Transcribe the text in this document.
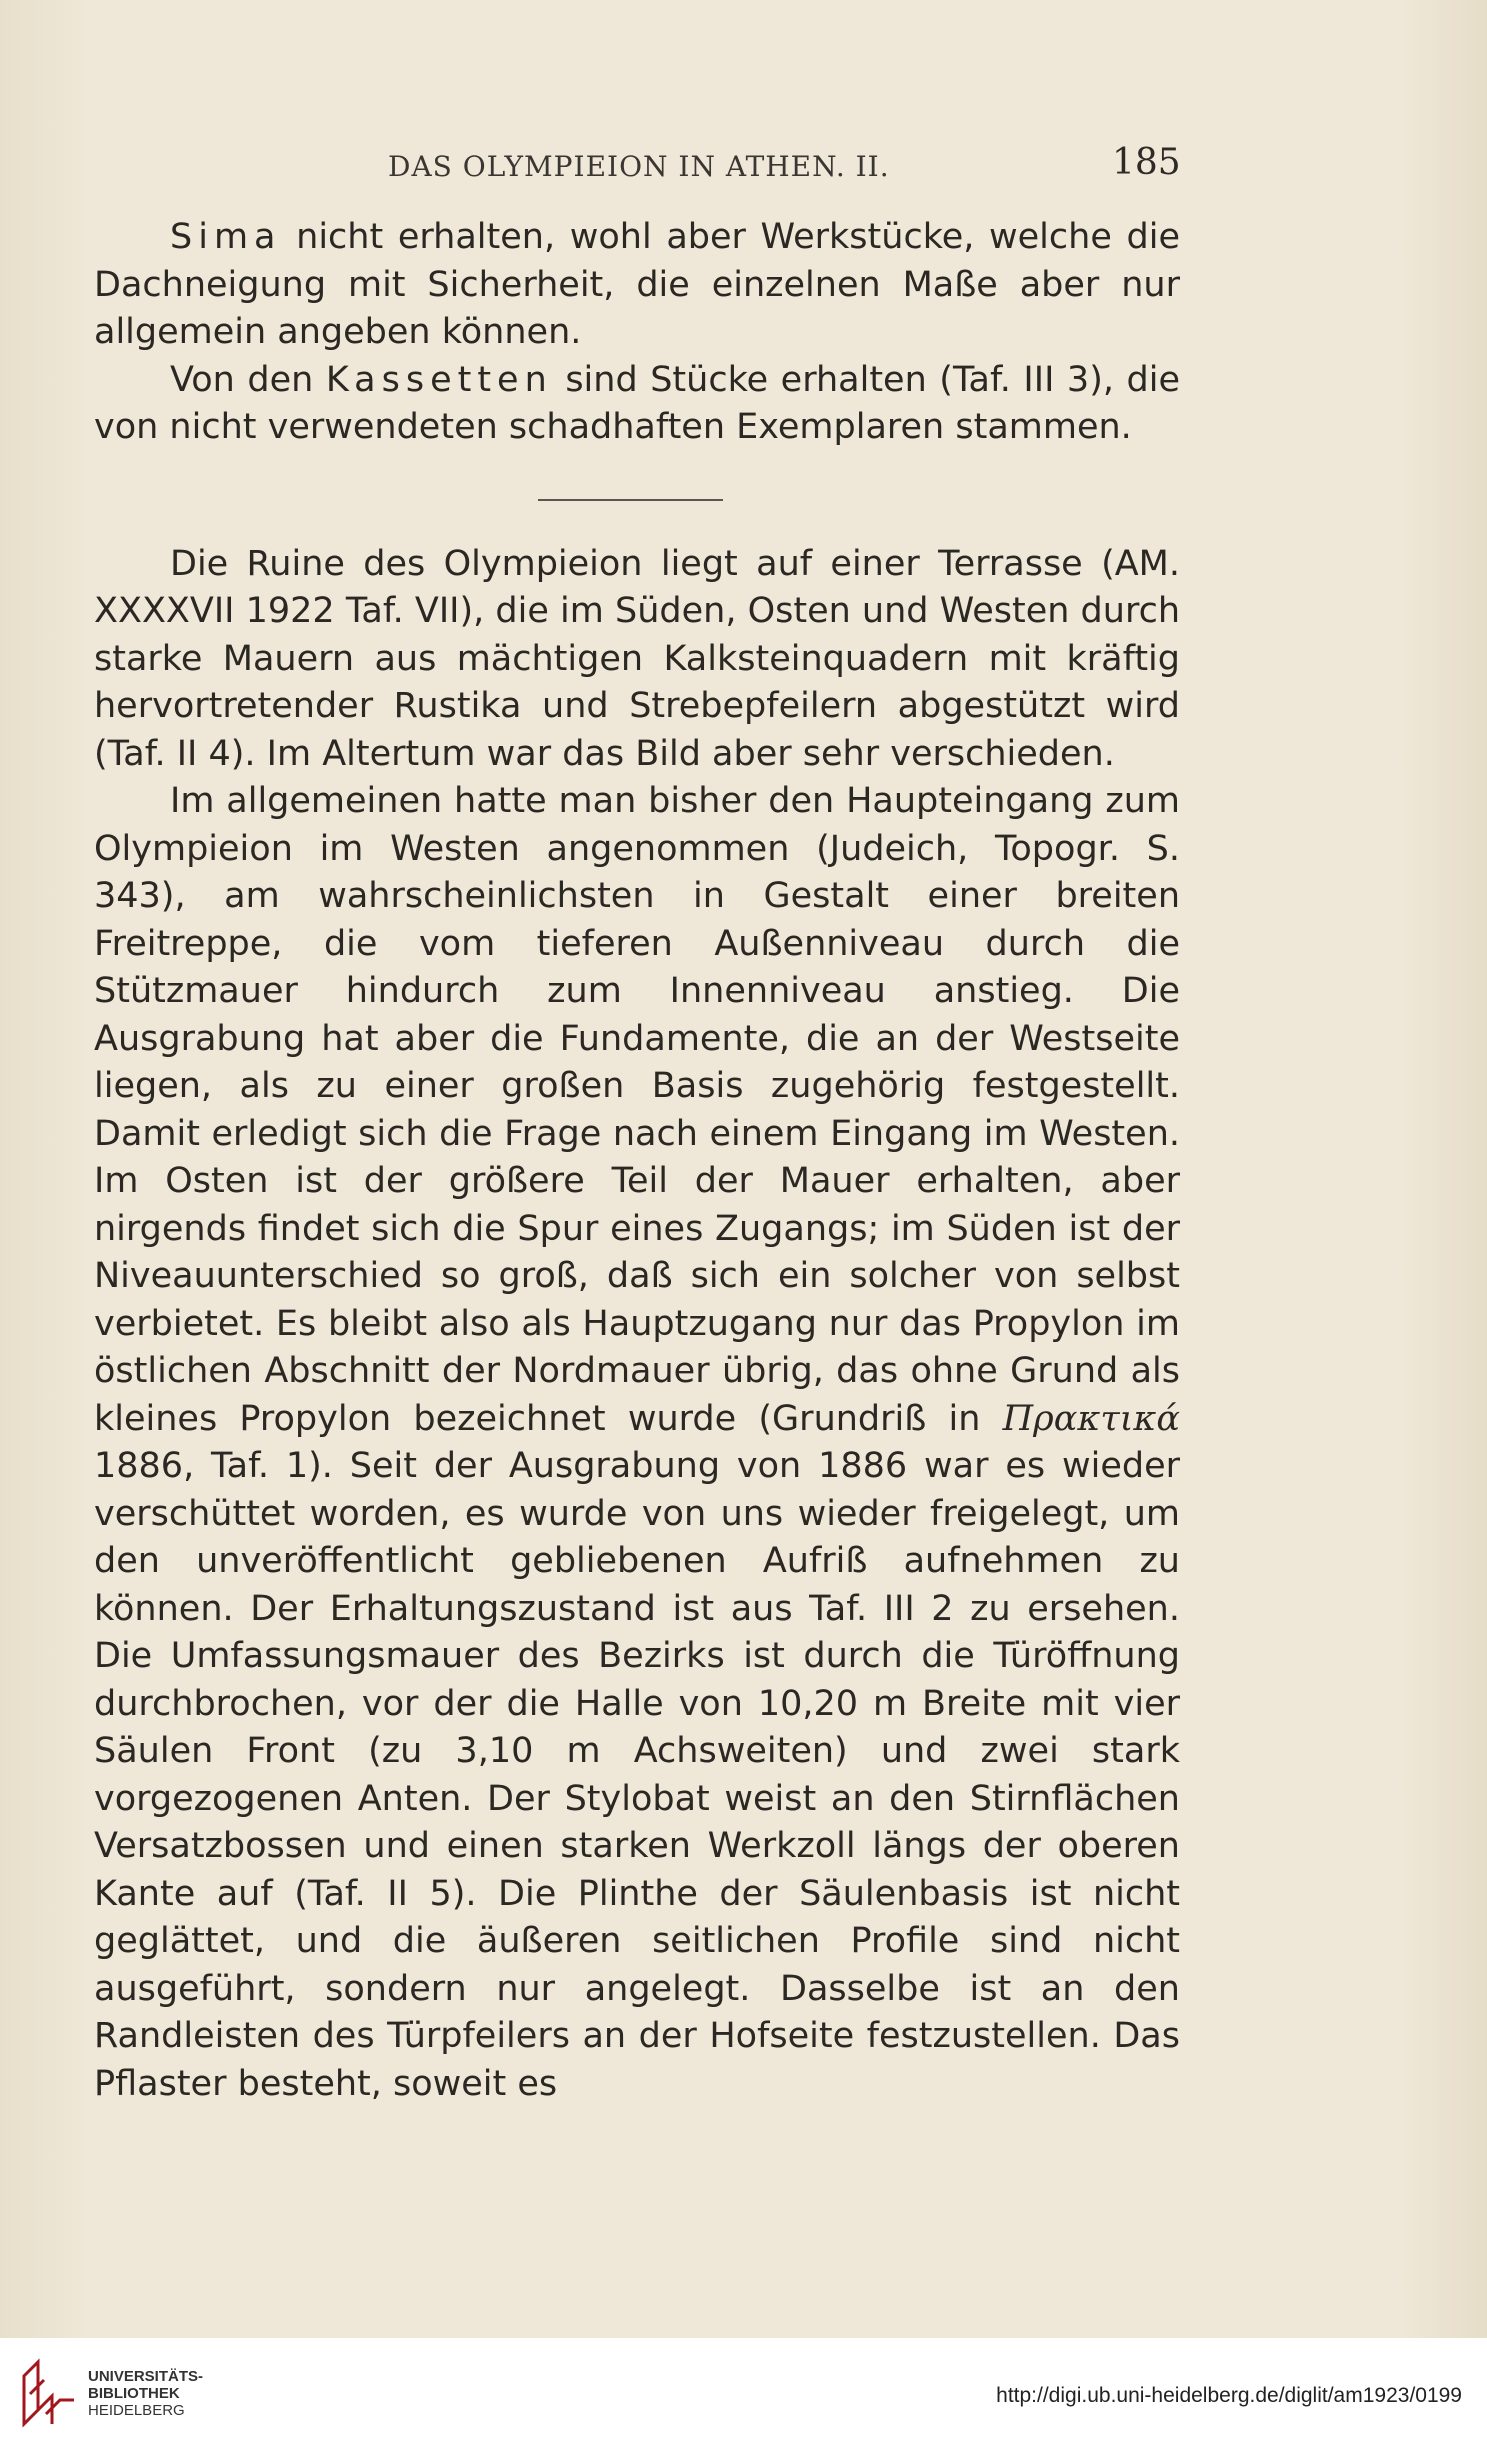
DAS OLYMPIEION IN ATHEN. II.	185

Sima nicht erhalten, wohl aber Werkstücke, welche die Dachneigung mit Sicherheit, die einzelnen Maße aber nur allgemein angeben können.

Von den Kassetten sind Stücke erhalten (Taf. III 3), die von nicht verwendeten schadhaften Exemplaren stammen.

Die Ruine des Olympieion liegt auf einer Terrasse (AM. XXXXVII 1922 Taf. VII), die im Süden, Osten und Westen durch starke Mauern aus mächtigen Kalksteinquadern mit kräftig hervortretender Rustika und Strebepfeilern abgestützt wird (Taf. II 4). Im Altertum war das Bild aber sehr verschieden.

Im allgemeinen hatte man bisher den Haupteingang zum Olympieion im Westen angenommen (Judeich, Topogr. S. 343), am wahrscheinlichsten in Gestalt einer breiten Freitreppe, die vom tieferen Außenniveau durch die Stützmauer hindurch zum Innenniveau anstieg. Die Ausgrabung hat aber die Fundamente, die an der Westseite liegen, als zu einer großen Basis zugehörig festgestellt. Damit erledigt sich die Frage nach einem Eingang im Westen. Im Osten ist der größere Teil der Mauer erhalten, aber nirgends findet sich die Spur eines Zugangs; im Süden ist der Niveauunterschied so groß, daß sich ein solcher von selbst verbietet. Es bleibt also als Hauptzugang nur das Propylon im östlichen Abschnitt der Nordmauer übrig, das ohne Grund als kleines Propylon bezeichnet wurde (Grundriß in Πρακτικά 1886, Taf. 1). Seit der Ausgrabung von 1886 war es wieder verschüttet worden, es wurde von uns wieder freigelegt, um den unveröffentlicht gebliebenen Aufriß aufnehmen zu können. Der Erhaltungszustand ist aus Taf. III 2 zu ersehen. Die Umfassungsmauer des Bezirks ist durch die Türöffnung durchbrochen, vor der die Halle von 10,20 m Breite mit vier Säulen Front (zu 3,10 m Achsweiten) und zwei stark vorgezogenen Anten. Der Stylobat weist an den Stirnflächen Versatzbossen und einen starken Werkzoll längs der oberen Kante auf (Taf. II 5). Die Plinthe der Säulenbasis ist nicht geglättet, und die äußeren seitlichen Profile sind nicht ausgeführt, sondern nur angelegt. Dasselbe ist an den Randleisten des Türpfeilers an der Hofseite festzustellen. Das Pflaster besteht, soweit es

UNIVERSITÄTS-
BIBLIOTHEK
HEIDELBERG
http://digi.ub.uni-heidelberg.de/diglit/am1923/0199
